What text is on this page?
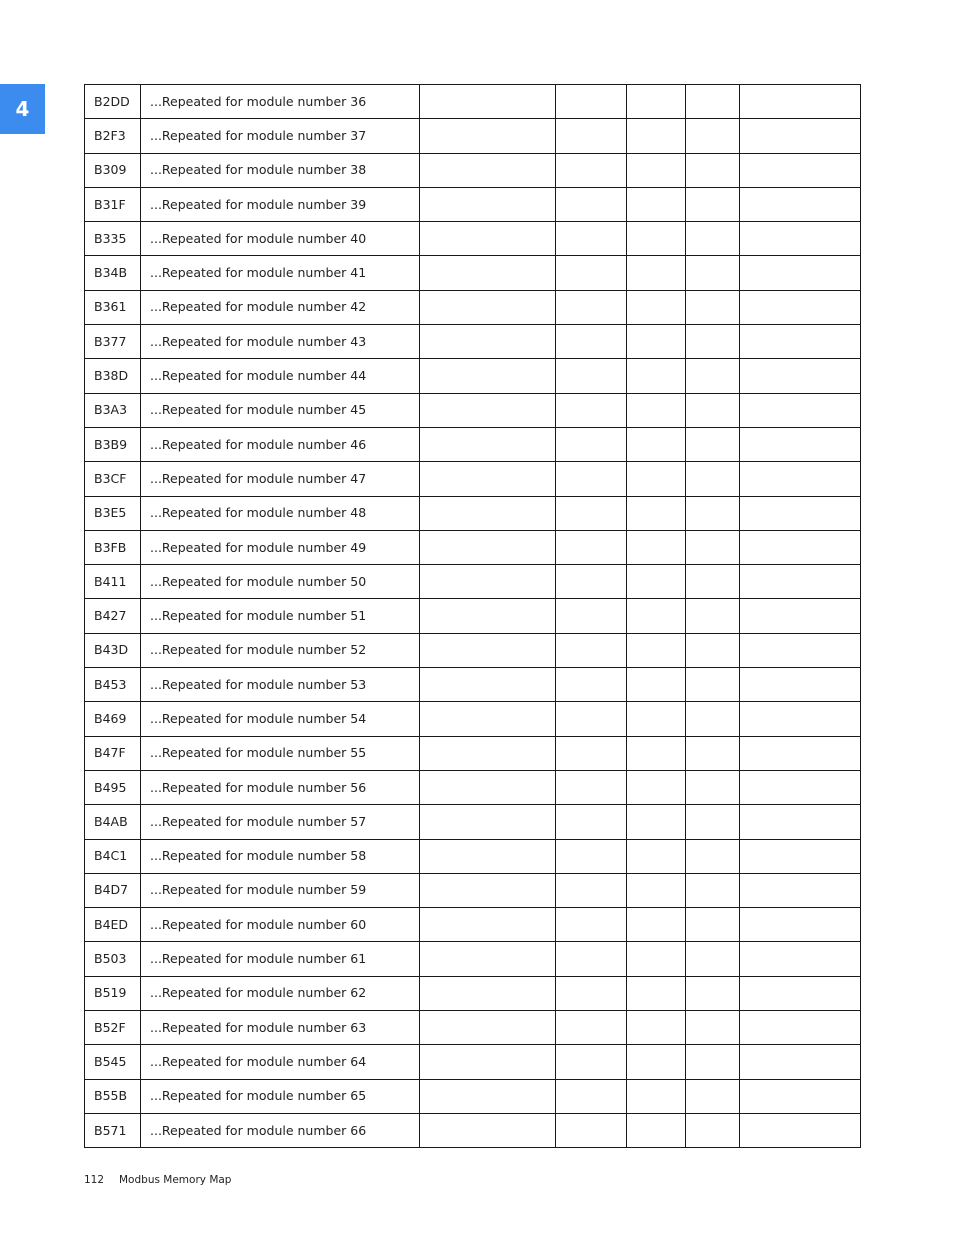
4	B2DD	...Repeated for module number 36					
B2F3	...Repeated for module number 37					
B309	...Repeated for module number 38					
B31F	...Repeated for module number 39					
B335	...Repeated for module number 40					
B34B	...Repeated for module number 41					
B361	...Repeated for module number 42					
B377	...Repeated for module number 43					
B38D	...Repeated for module number 44					
B3A3	...Repeated for module number 45					
B3B9	...Repeated for module number 46					
B3CF	...Repeated for module number 47					
B3E5	...Repeated for module number 48					
B3FB	...Repeated for module number 49					
B411	...Repeated for module number 50					
B427	...Repeated for module number 51					
B43D	...Repeated for module number 52					
B453	...Repeated for module number 53					
B469	...Repeated for module number 54					
B47F	...Repeated for module number 55					
B495	...Repeated for module number 56					
B4AB	...Repeated for module number 57					
B4C1	...Repeated for module number 58					
B4D7	...Repeated for module number 59					
B4ED	...Repeated for module number 60					
B503	...Repeated for module number 61					
B519	...Repeated for module number 62					
B52F	...Repeated for module number 63					
B545	...Repeated for module number 64					
B55B	...Repeated for module number 65					
B571	...Repeated for module number 66					
112 Modbus Memory Map
